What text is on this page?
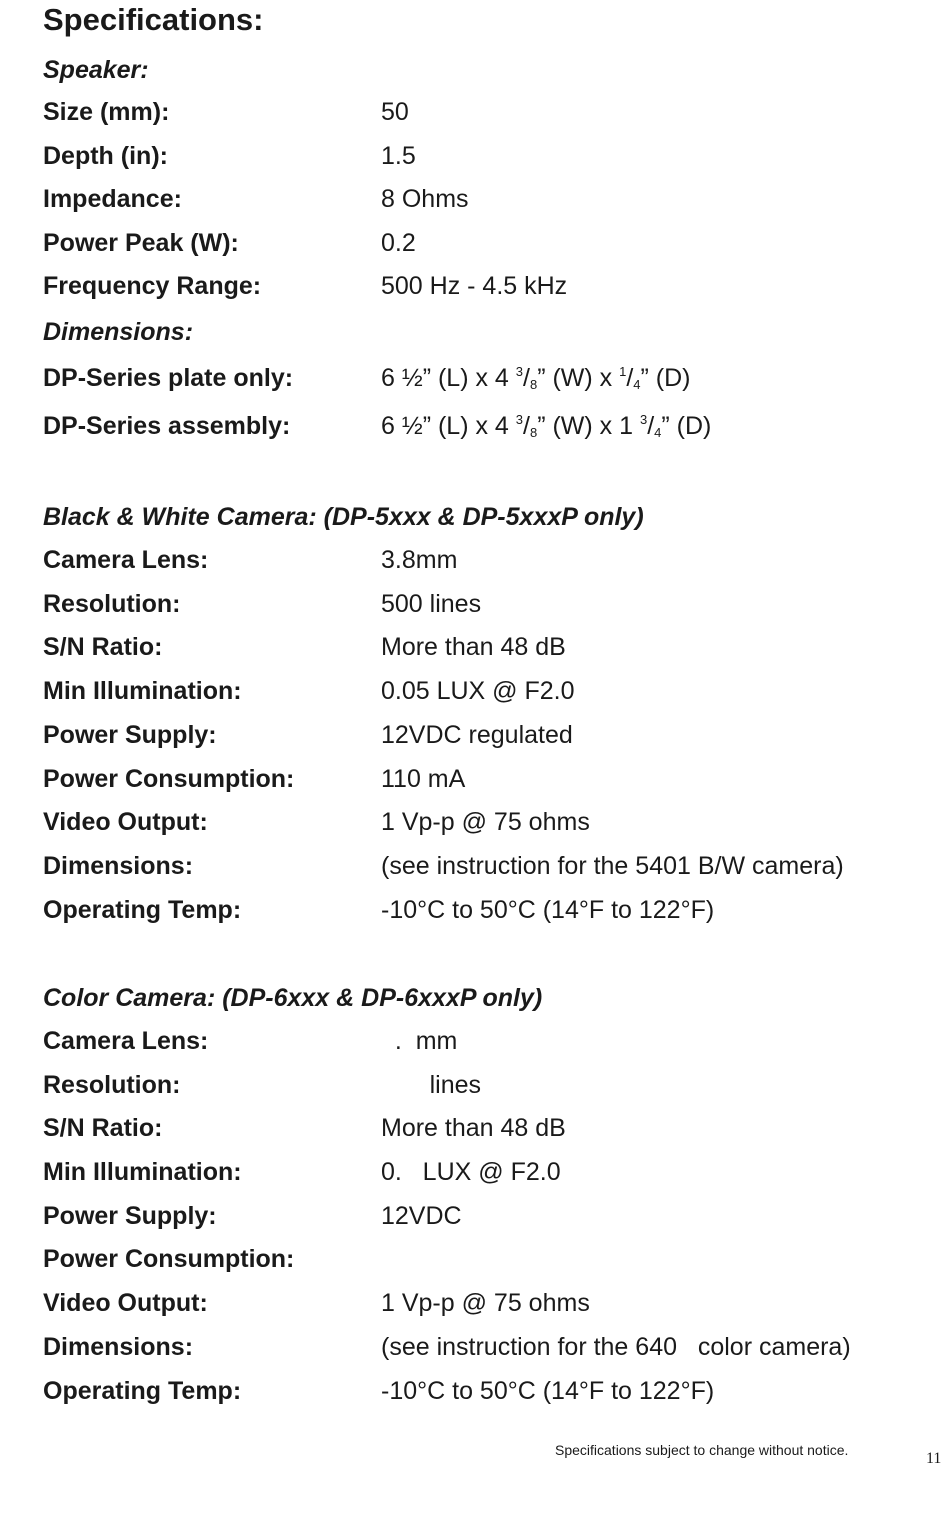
Specifications:
Speaker:
Size (mm):	50
Depth (in):	1.5
Impedance:	8 Ohms
Power Peak (W):	0.2
Frequency Range:	500 Hz - 4.5 kHz
Dimensions:
DP-Series plate only:	6 ½” (L) x 4 $^3/_8$” (W) x $^1/_4$” (D)
DP-Series assembly:	6 ½” (L) x 4 $^3/_8$” (W) x 1 $^3/_4$” (D)
Black & White Camera: (DP-5xxx & DP-5xxxP only)
Camera Lens:	3.8mm
Resolution:	500 lines
S/N Ratio:	More than 48 dB
Min Illumination:	0.05 LUX @ F2.0
Power Supply:	12VDC regulated
Power Consumption:	110 mA
Video Output:	1 Vp-p @ 75 ohms
Dimensions:	(see instruction for the 5401 B/W camera)
Operating Temp:	-10°C to 50°C (14°F to 122°F)
Color Camera: (DP-6xxx & DP-6xxxP only)
Camera Lens:	.  mm
Resolution:	lines
S/N Ratio:	More than 48 dB
Min Illumination:	0.   LUX @ F2.0
Power Supply:	12VDC
Power Consumption:
Video Output:	1 Vp-p @ 75 ohms
Dimensions:	(see instruction for the 640   color camera)
Operating Temp:	-10°C to 50°C (14°F to 122°F)
Specifications subject to change without notice.	11
